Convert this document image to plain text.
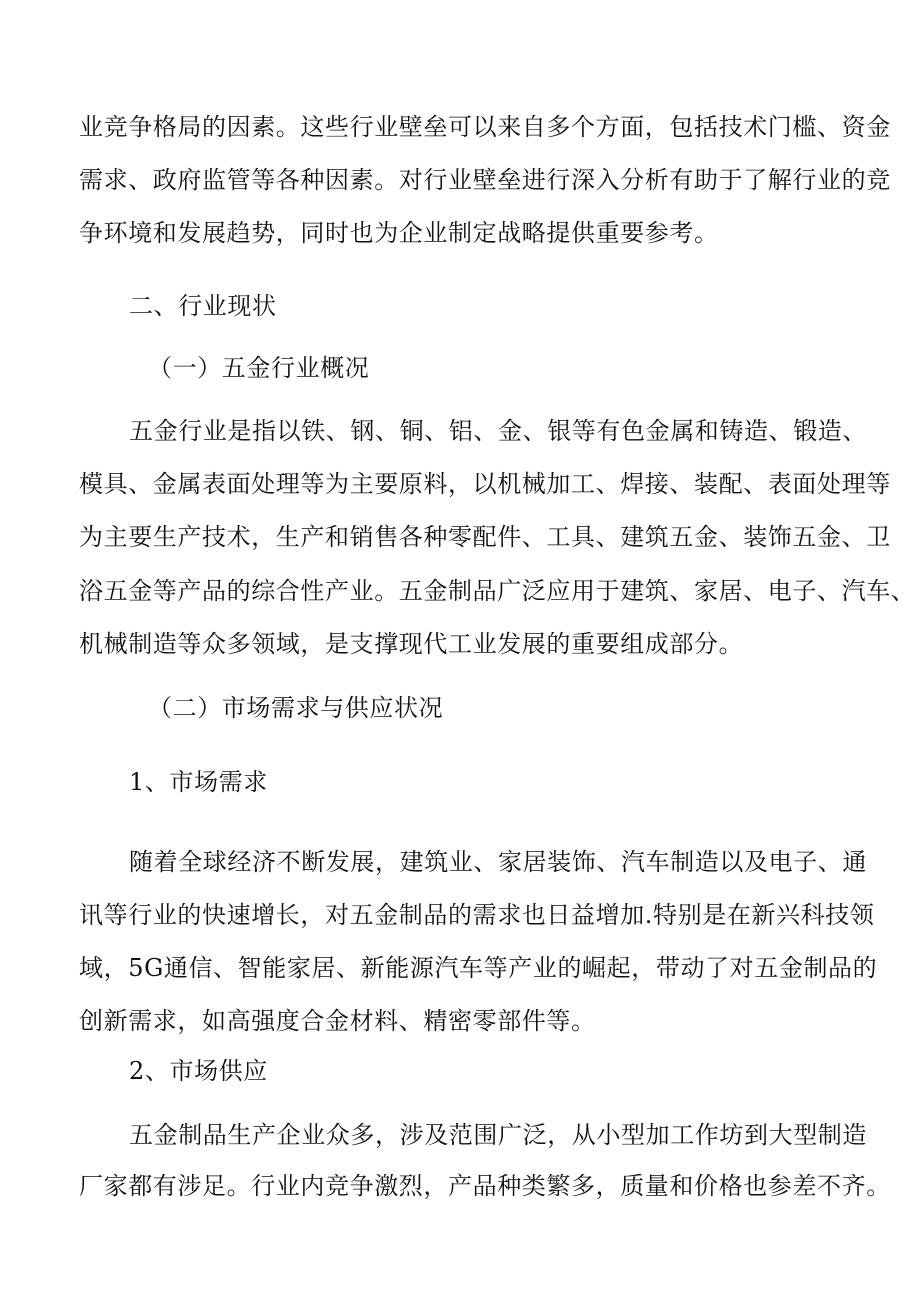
业竞争格局的因素。这些行业壁垒可以来自多个方面，包括技术门槛、资金
需求、政府监管等各种因素。对行业壁垒进行深入分析有助于了解行业的竞
争环境和发展趋势，同时也为企业制定战略提供重要参考。
二、行业现状
（一）五金行业概况
五金行业是指以铁、钢、铜、铝、金、银等有色金属和铸造、锻造、
模具、金属表面处理等为主要原料，以机械加工、焊接、装配、表面处理等
为主要生产技术，生产和销售各种零配件、工具、建筑五金、装饰五金、卫
浴五金等产品的综合性产业。五金制品广泛应用于建筑、家居、电子、汽车、
机械制造等众多领域，是支撑现代工业发展的重要组成部分。
（二）市场需求与供应状况
1、市场需求
随着全球经济不断发展，建筑业、家居装饰、汽车制造以及电子、通
讯等行业的快速增长，对五金制品的需求也日益增加.特别是在新兴科技领
域，5G通信、智能家居、新能源汽车等产业的崛起，带动了对五金制品的
创新需求，如高强度合金材料、精密零部件等。
2、市场供应
五金制品生产企业众多，涉及范围广泛，从小型加工作坊到大型制造
厂家都有涉足。行业内竞争激烈，产品种类繁多，质量和价格也参差不齐。
